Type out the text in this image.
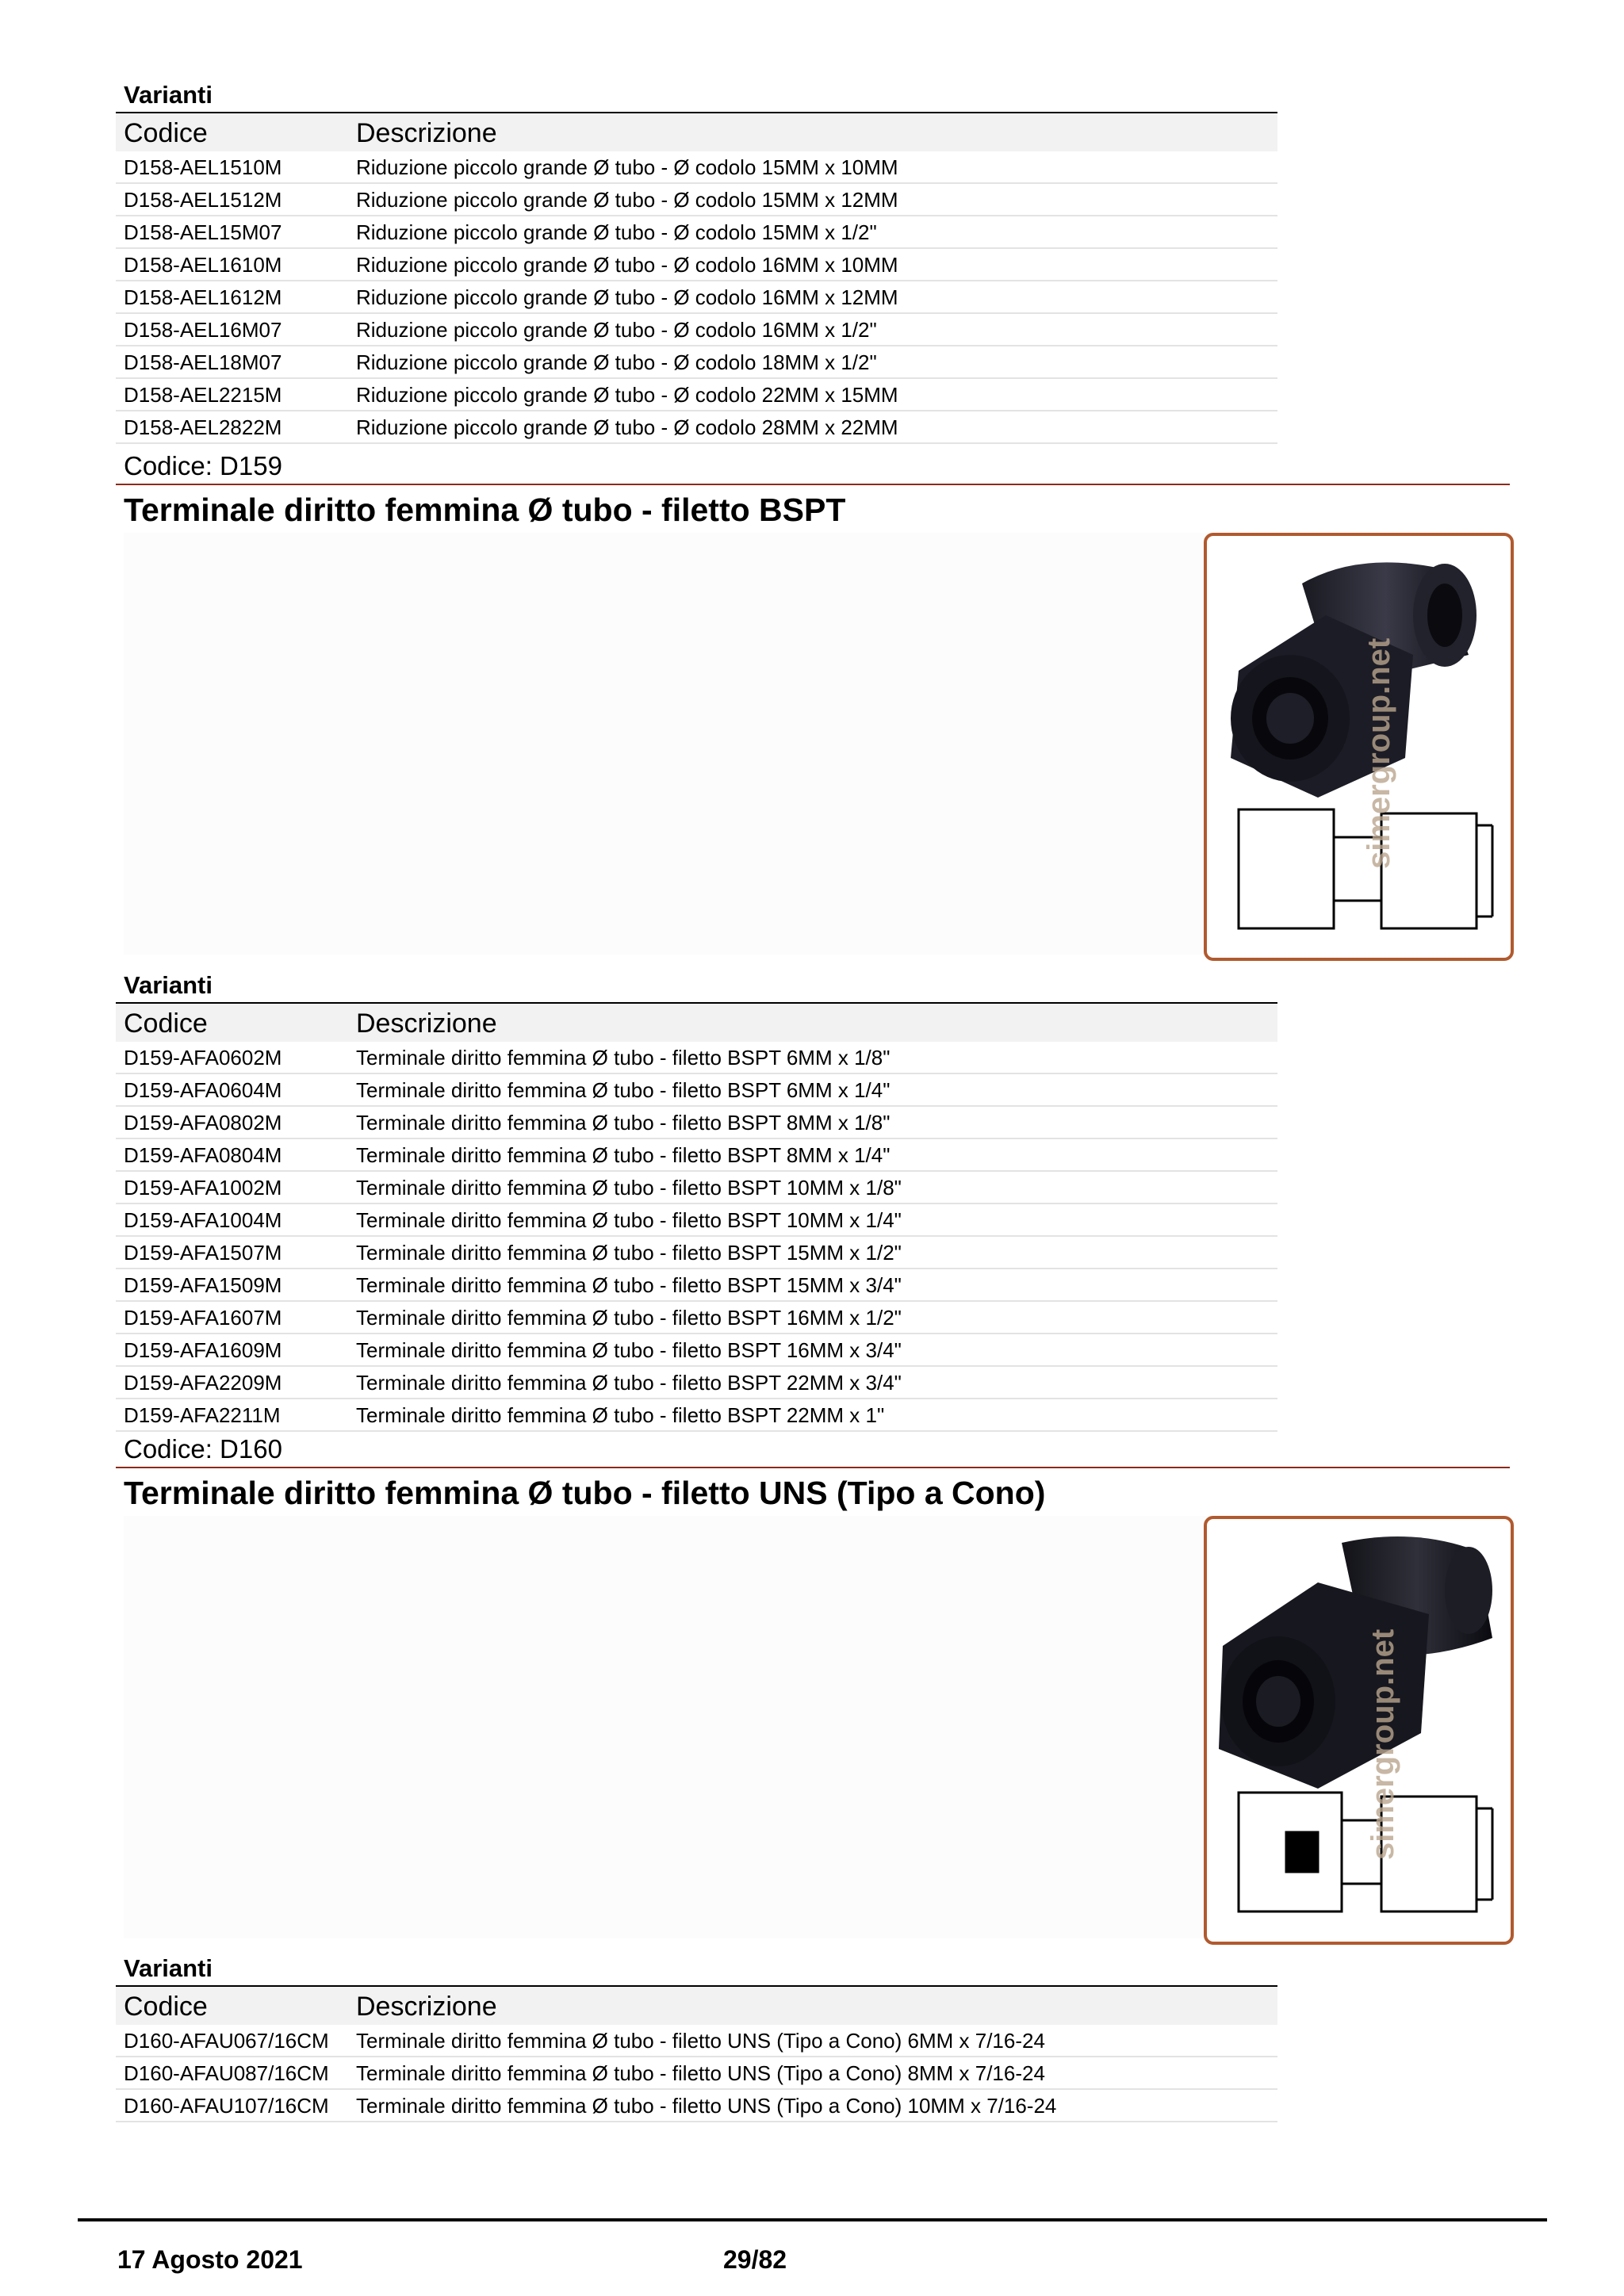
Varianti
Codice	Descrizione
D158-AEL1510M	Riduzione piccolo grande Ø tubo - Ø codolo 15MM x 10MM
D158-AEL1512M	Riduzione piccolo grande Ø tubo - Ø codolo 15MM x 12MM
D158-AEL15M07	Riduzione piccolo grande Ø tubo - Ø codolo 15MM x 1/2"
D158-AEL1610M	Riduzione piccolo grande Ø tubo - Ø codolo 16MM x 10MM
D158-AEL1612M	Riduzione piccolo grande Ø tubo - Ø codolo 16MM x 12MM
D158-AEL16M07	Riduzione piccolo grande Ø tubo - Ø codolo 16MM x 1/2"
D158-AEL18M07	Riduzione piccolo grande Ø tubo - Ø codolo 18MM x 1/2"
D158-AEL2215M	Riduzione piccolo grande Ø tubo - Ø codolo 22MM x 15MM
D158-AEL2822M	Riduzione piccolo grande Ø tubo - Ø codolo 28MM x 22MM
Codice: D159
Terminale diritto femmina Ø tubo - filetto BSPT
simergroup.net
Varianti
Codice	Descrizione
D159-AFA0602M	Terminale diritto femmina Ø tubo - filetto BSPT 6MM x 1/8"
D159-AFA0604M	Terminale diritto femmina Ø tubo - filetto BSPT 6MM x 1/4"
D159-AFA0802M	Terminale diritto femmina Ø tubo - filetto BSPT 8MM x 1/8"
D159-AFA0804M	Terminale diritto femmina Ø tubo - filetto BSPT 8MM x 1/4"
D159-AFA1002M	Terminale diritto femmina Ø tubo - filetto BSPT 10MM x 1/8"
D159-AFA1004M	Terminale diritto femmina Ø tubo - filetto BSPT 10MM x 1/4"
D159-AFA1507M	Terminale diritto femmina Ø tubo - filetto BSPT 15MM x 1/2"
D159-AFA1509M	Terminale diritto femmina Ø tubo - filetto BSPT 15MM x 3/4"
D159-AFA1607M	Terminale diritto femmina Ø tubo - filetto BSPT 16MM x 1/2"
D159-AFA1609M	Terminale diritto femmina Ø tubo - filetto BSPT 16MM x 3/4"
D159-AFA2209M	Terminale diritto femmina Ø tubo - filetto BSPT 22MM x 3/4"
D159-AFA2211M	Terminale diritto femmina Ø tubo - filetto BSPT 22MM x 1"
Codice: D160
Terminale diritto femmina Ø tubo - filetto UNS (Tipo a Cono)
simergroup.net
Varianti
Codice	Descrizione
D160-AFAU067/16CM Terminale diritto femmina Ø tubo - filetto UNS (Tipo a Cono) 6MM x 7/16-24
D160-AFAU087/16CM Terminale diritto femmina Ø tubo - filetto UNS (Tipo a Cono) 8MM x 7/16-24
D160-AFAU107/16CM Terminale diritto femmina Ø tubo - filetto UNS (Tipo a Cono) 10MM x 7/16-24
17 Agosto 2021	29/82
